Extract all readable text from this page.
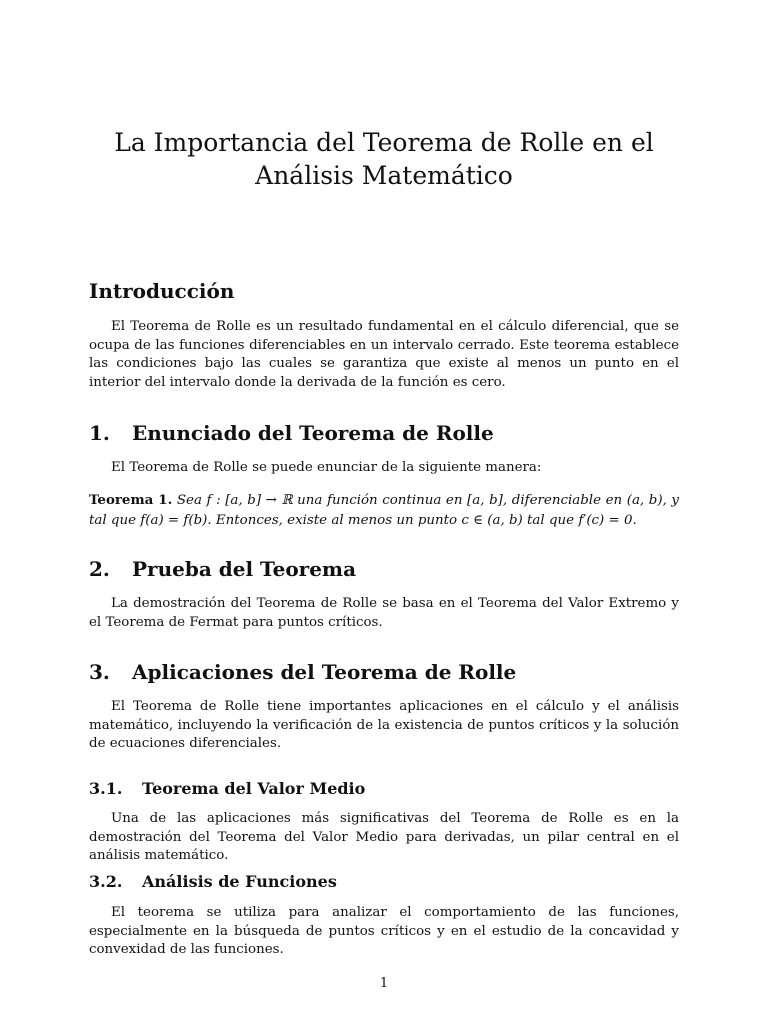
La Importancia del Teorema de Rolle en el Análisis Matemático
Introducción

El Teorema de Rolle es un resultado fundamental en el cálculo diferencial, que se ocupa de las funciones diferenciables en un intervalo cerrado. Este teorema establece las condiciones bajo las cuales se garantiza que existe al menos un punto en el interior del intervalo donde la derivada de la función es cero.

1.	Enunciado del Teorema de Rolle

El Teorema de Rolle se puede enunciar de la siguiente manera:

Teorema 1. Sea f : [a, b] → ℝ una función continua en [a, b], diferenciable en (a, b), y tal que f(a) = f(b). Entonces, existe al menos un punto c ∈ (a, b) tal que f′(c) = 0.

2.	Prueba del Teorema

La demostración del Teorema de Rolle se basa en el Teorema del Valor Extremo y el Teorema de Fermat para puntos críticos.

3.	Aplicaciones del Teorema de Rolle

El Teorema de Rolle tiene importantes aplicaciones en el cálculo y el análisis matemático, incluyendo la verificación de la existencia de puntos críticos y la solución de ecuaciones diferenciales.

3.1.	Teorema del Valor Medio

Una de las aplicaciones más significativas del Teorema de Rolle es en la demostración del Teorema del Valor Medio para derivadas, un pilar central en el análisis matemático.

3.2.	Análisis de Funciones

El teorema se utiliza para analizar el comportamiento de las funciones, especialmente en la búsqueda de puntos críticos y en el estudio de la concavidad y convexidad de las funciones.

1
